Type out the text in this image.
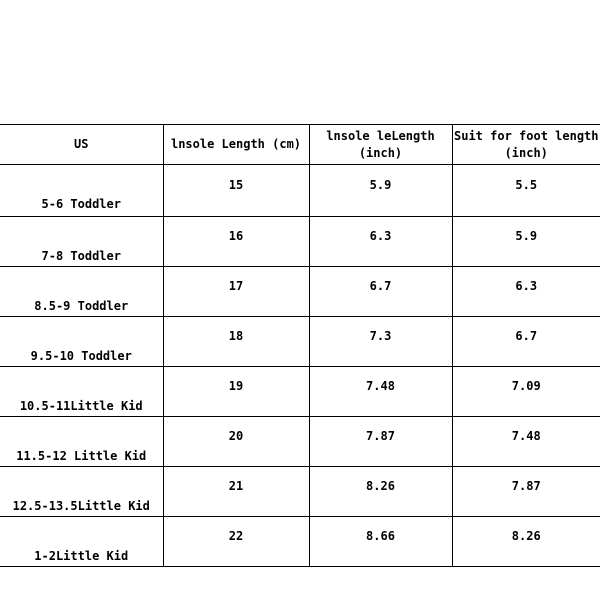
US	lnsole Length (cm)	lnsole leLength (inch)	Suit for foot length (inch)
5-6 Toddler	15	5.9	5.5
7-8 Toddler	16	6.3	5.9
8.5-9 Toddler	17	6.7	6.3
9.5-10 Toddler	18	7.3	6.7
10.5-11Little Kid	19	7.48	7.09
11.5-12 Little Kid	20	7.87	7.48
12.5-13.5Little Kid	21	8.26	7.87
1-2Little Kid	22	8.66	8.26
